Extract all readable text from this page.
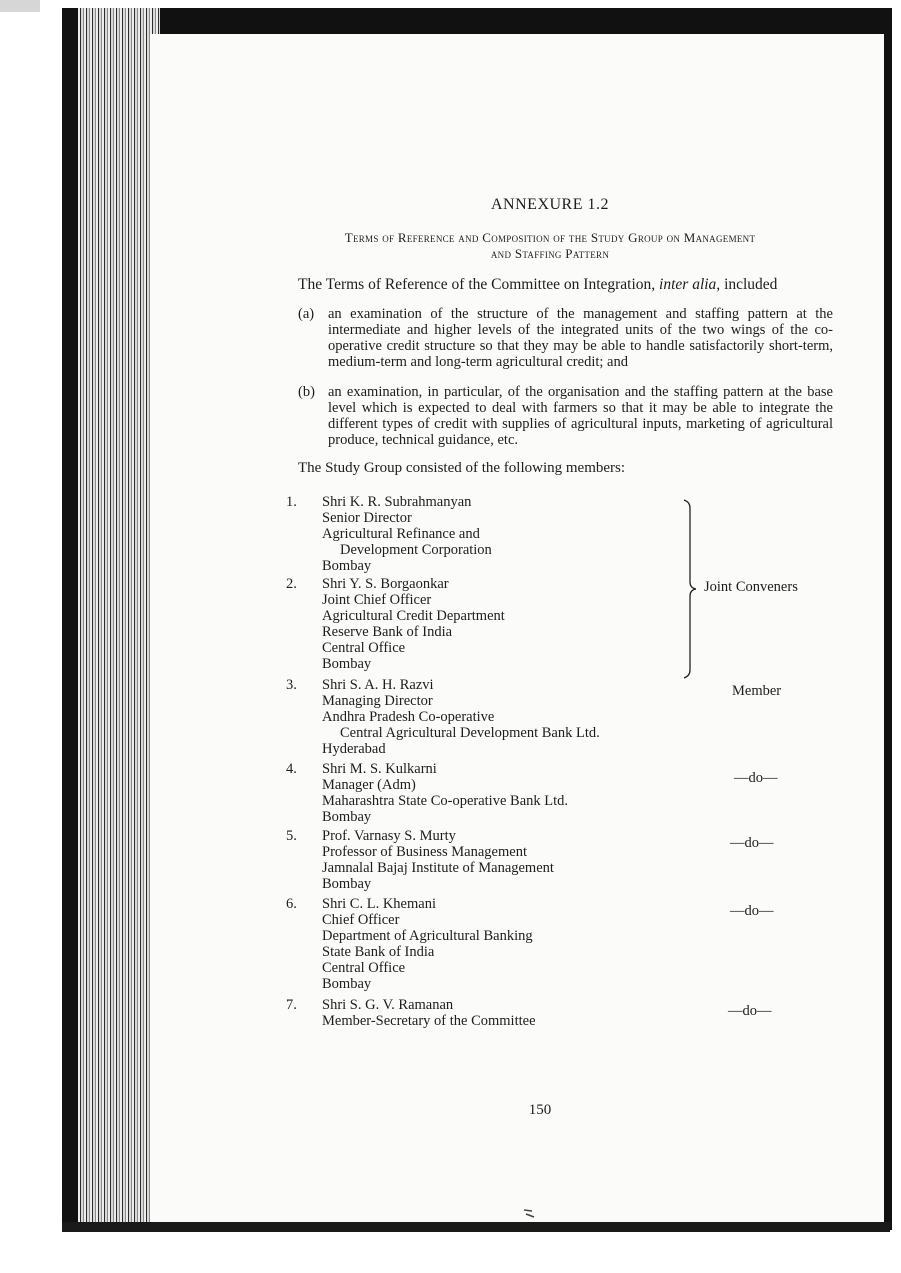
ANNEXURE 1.2
Terms of Reference and Composition of the Study Group on Management
and Staffing Pattern
The Terms of Reference of the Committee on Integration, inter alia, included
(a) an examination of the structure of the management and staffing pattern at the intermediate and higher levels of the integrated units of the two wings of the co-operative credit structure so that they may be able to handle satisfactorily short-term, medium-term and long-term agricultural credit; and
(b) an examination, in particular, of the organisation and the staffing pattern at the base level which is expected to deal with farmers so that it may be able to integrate the different types of credit with supplies of agricultural inputs, marketing of agricultural produce, technical guidance, etc.
The Study Group consisted of the following members:
1.	Shri K. R. Subrahmanyan
Senior Director
Agricultural Refinance and
Development Corporation
Bombay
2.	Shri Y. S. Borgaonkar
Joint Chief Officer
Agricultural Credit Department
Reserve Bank of India
Central Office
Bombay
Joint Conveners
3.	Shri S. A. H. Razvi
Managing Director
Andhra Pradesh Co-operative
Central Agricultural Development Bank Ltd.
Hyderabad
Member
4.	Shri M. S. Kulkarni
Manager (Adm)
Maharashtra State Co-operative Bank Ltd.
Bombay
—do—
5.	Prof. Varnasy S. Murty
Professor of Business Management
Jamnalal Bajaj Institute of Management
Bombay
—do—
6.	Shri C. L. Khemani
Chief Officer
Department of Agricultural Banking
State Bank of India
Central Office
Bombay
—do—
7.	Shri S. G. V. Ramanan
Member-Secretary of the Committee
—do—
150
